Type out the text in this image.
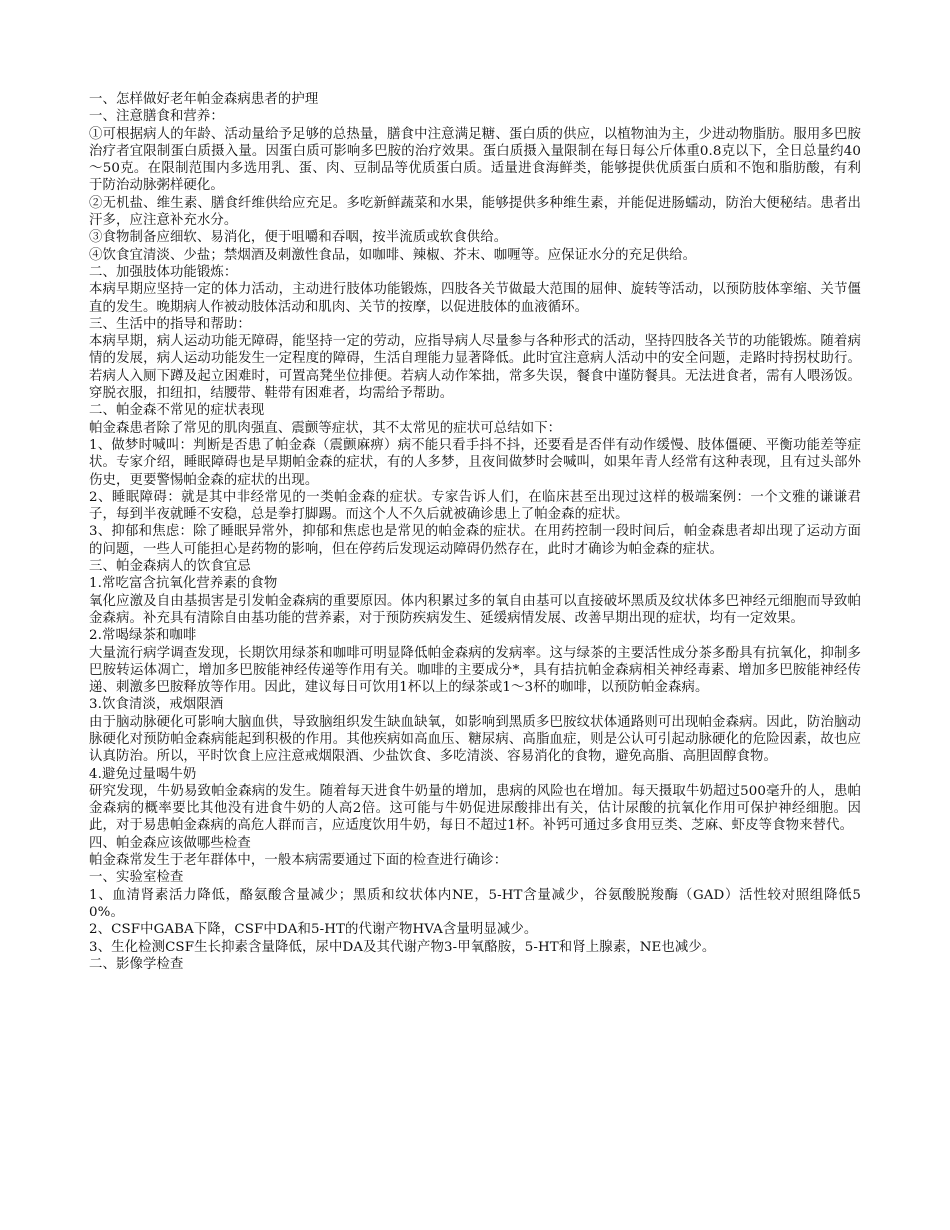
一、怎样做好老年帕金森病患者的护理

一、注意膳食和营养：

①可根据病人的年龄、活动量给予足够的总热量，膳食中注意满足糖、蛋白质的供应，以植物油为主，少进动物脂肪。服用多巴胺治疗者宜限制蛋白质摄入量。因蛋白质可影响多巴胺的治疗效果。蛋白质摄入量限制在每日每公斤体重0.8克以下，全日总量约40～50克。在限制范围内多选用乳、蛋、肉、豆制品等优质蛋白质。适量进食海鲜类，能够提供优质蛋白质和不饱和脂肪酸，有利于防治动脉粥样硬化。

②无机盐、维生素、膳食纤维供给应充足。多吃新鲜蔬菜和水果，能够提供多种维生素，并能促进肠蠕动，防治大便秘结。患者出汗多，应注意补充水分。

③食物制备应细软、易消化，便于咀嚼和吞咽，按半流质或软食供给。

④饮食宜清淡、少盐；禁烟酒及刺激性食品，如咖啡、辣椒、芥末、咖喱等。应保证水分的充足供给。

二、加强肢体功能锻炼：

本病早期应坚持一定的体力活动，主动进行肢体功能锻炼，四肢各关节做最大范围的屈伸、旋转等活动，以预防肢体挛缩、关节僵直的发生。晚期病人作被动肢体活动和肌肉、关节的按摩，以促进肢体的血液循环。

三、生活中的指导和帮助：

本病早期，病人运动功能无障碍，能坚持一定的劳动，应指导病人尽量参与各种形式的活动，坚持四肢各关节的功能锻炼。随着病情的发展，病人运动功能发生一定程度的障碍，生活自理能力显著降低。此时宜注意病人活动中的安全问题，走路时持拐杖助行。若病人入厕下蹲及起立困难时，可置高凳坐位排便。若病人动作笨拙，常多失误，餐食中谨防餐具。无法进食者，需有人喂汤饭。穿脱衣服，扣纽扣，结腰带、鞋带有困难者，均需给予帮助。

二、帕金森不常见的症状表现

帕金森患者除了常见的肌肉强直、震颤等症状，其不太常见的症状可总结如下：

1、做梦时喊叫：判断是否患了帕金森（震颤麻痹）病不能只看手抖不抖，还要看是否伴有动作缓慢、肢体僵硬、平衡功能差等症状。专家介绍，睡眠障碍也是早期帕金森的症状，有的人多梦，且夜间做梦时会喊叫，如果年青人经常有这种表现，且有过头部外伤史，更要警惕帕金森的症状的出现。

2、睡眠障碍：就是其中非经常见的一类帕金森的症状。专家告诉人们，在临床甚至出现过这样的极端案例：一个文雅的谦谦君子，每到半夜就睡不安稳，总是拳打脚踢。而这个人不久后就被确诊患上了帕金森的症状。

3、抑郁和焦虑：除了睡眠异常外，抑郁和焦虑也是常见的帕金森的症状。在用药控制一段时间后，帕金森患者却出现了运动方面的问题，一些人可能担心是药物的影响，但在停药后发现运动障碍仍然存在，此时才确诊为帕金森的症状。

三、帕金森病人的饮食宜忌

1.常吃富含抗氧化营养素的食物

氧化应激及自由基损害是引发帕金森病的重要原因。体内积累过多的氧自由基可以直接破坏黑质及纹状体多巴神经元细胞而导致帕金森病。补充具有清除自由基功能的营养素，对于预防疾病发生、延缓病情发展、改善早期出现的症状，均有一定效果。

2.常喝绿茶和咖啡

大量流行病学调查发现，长期饮用绿茶和咖啡可明显降低帕金森病的发病率。这与绿茶的主要活性成分茶多酚具有抗氧化，抑制多巴胺转运体凋亡，增加多巴胺能神经传递等作用有关。咖啡的主要成分*，具有拮抗帕金森病相关神经毒素、增加多巴胺能神经传递、刺激多巴胺释放等作用。因此，建议每日可饮用1杯以上的绿茶或1～3杯的咖啡，以预防帕金森病。

3.饮食清淡，戒烟限酒

由于脑动脉硬化可影响大脑血供，导致脑组织发生缺血缺氧，如影响到黑质多巴胺纹状体通路则可出现帕金森病。因此，防治脑动脉硬化对预防帕金森病能起到积极的作用。其他疾病如高血压、糖尿病、高脂血症，则是公认可引起动脉硬化的危险因素，故也应认真防治。所以，平时饮食上应注意戒烟限酒、少盐饮食、多吃清淡、容易消化的食物，避免高脂、高胆固醇食物。

4.避免过量喝牛奶

研究发现，牛奶易致帕金森病的发生。随着每天进食牛奶量的增加，患病的风险也在增加。每天摄取牛奶超过500毫升的人，患帕金森病的概率要比其他没有进食牛奶的人高2倍。这可能与牛奶促进尿酸排出有关，估计尿酸的抗氧化作用可保护神经细胞。因此，对于易患帕金森病的高危人群而言，应适度饮用牛奶，每日不超过1杯。补钙可通过多食用豆类、芝麻、虾皮等食物来替代。

四、帕金森应该做哪些检查

帕金森常发生于老年群体中，一般本病需要通过下面的检查进行确诊：

一、实验室检查

1、血清肾素活力降低，酪氨酸含量减少；黑质和纹状体内NE，5-HT含量减少，谷氨酸脱羧酶（GAD）活性较对照组降低50%。

2、CSF中GABA下降，CSF中DA和5-HT的代谢产物HVA含量明显减少。

3、生化检测CSF生长抑素含量降低，尿中DA及其代谢产物3-甲氧酪胺，5-HT和肾上腺素，NE也减少。

二、影像学检查
